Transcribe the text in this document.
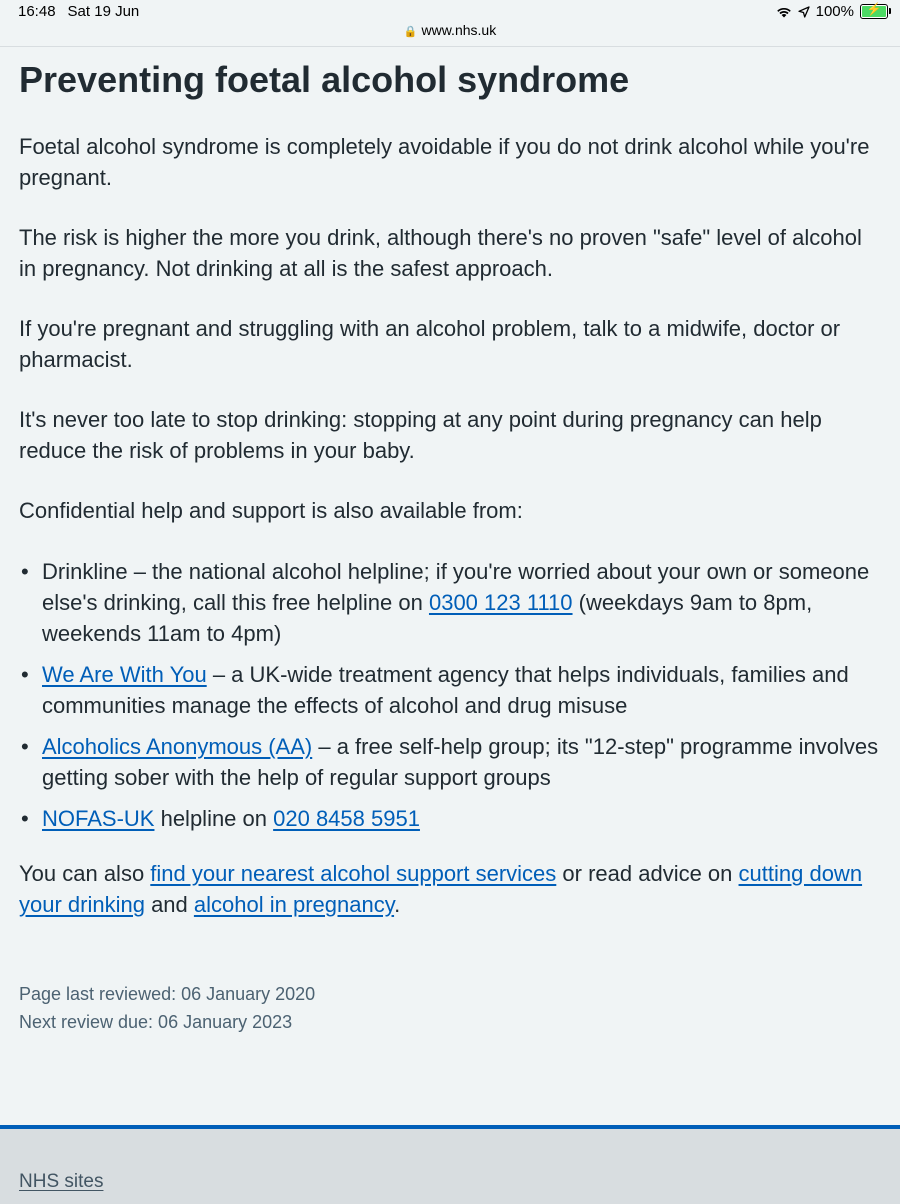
16:48 Sat 19 Jun
🔒 www.nhs.uk
100%	⚡
Preventing foetal alcohol syndrome

Foetal alcohol syndrome is completely avoidable if you do not drink alcohol while you're pregnant.

The risk is higher the more you drink, although there's no proven "safe" level of alcohol in pregnancy. Not drinking at all is the safest approach.

If you're pregnant and struggling with an alcohol problem, talk to a midwife, doctor or pharmacist.

It's never too late to stop drinking: stopping at any point during pregnancy can help reduce the risk of problems in your baby.

Confidential help and support is also available from:

• Drinkline – the national alcohol helpline; if you're worried about your own or someone else's drinking, call this free helpline on 0300 123 1110 (weekdays 9am to 8pm, weekends 11am to 4pm)
• We Are With You – a UK-wide treatment agency that helps individuals, families and communities manage the effects of alcohol and drug misuse
• Alcoholics Anonymous (AA) – a free self-help group; its "12-step" programme involves getting sober with the help of regular support groups
• NOFAS-UK helpline on 020 8458 5951

You can also find your nearest alcohol support services or read advice on cutting down your drinking and alcohol in pregnancy.

Page last reviewed: 06 January 2020
Next review due: 06 January 2023
NHS sites
